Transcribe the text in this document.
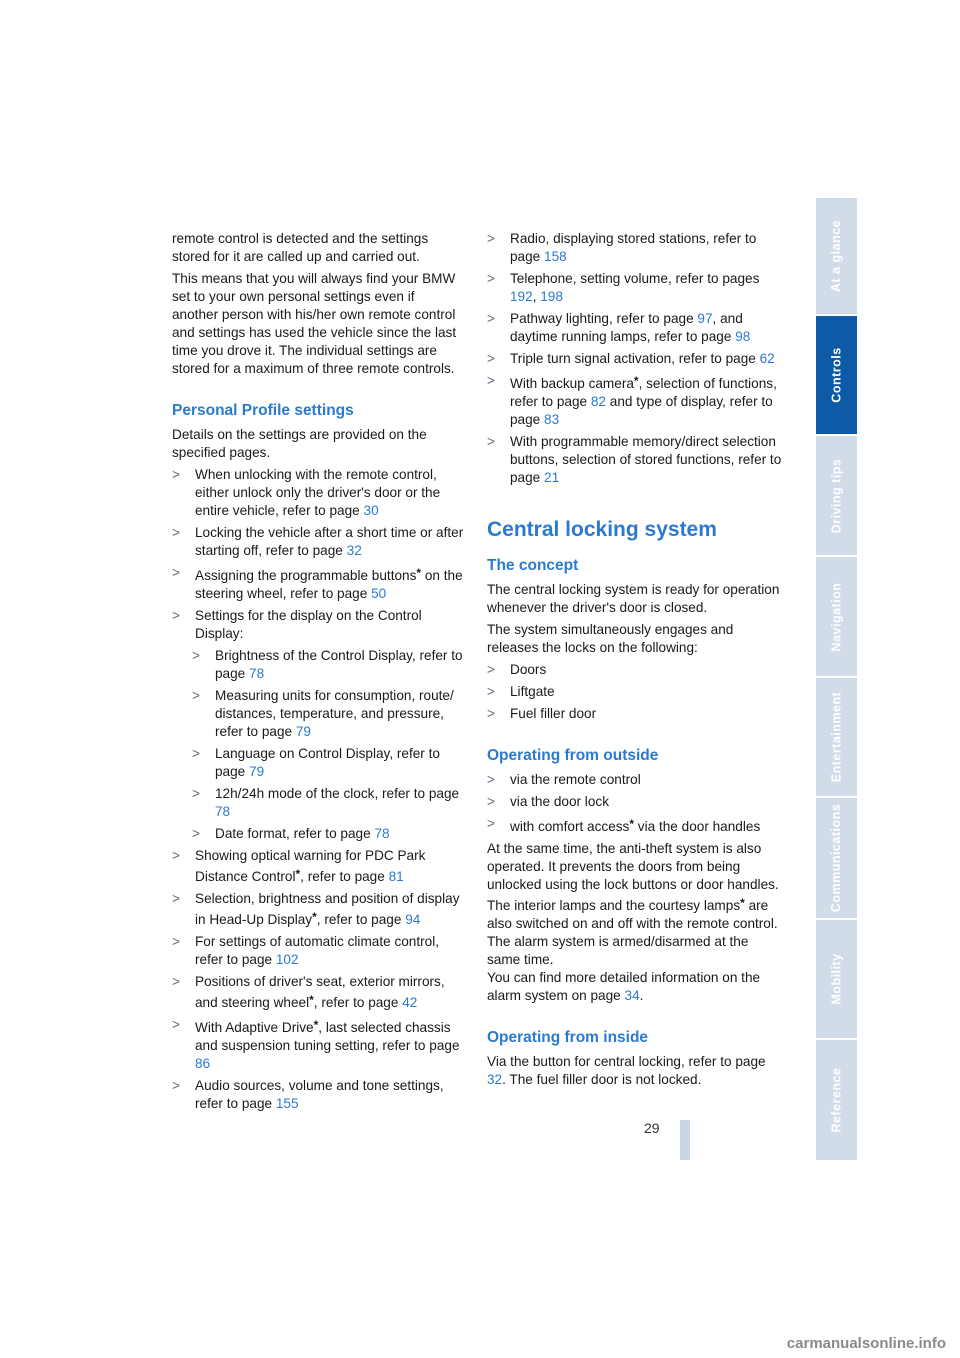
remote control is detected and the settings stored for it are called up and carried out.

This means that you will always find your BMW set to your own personal settings even if another person with his/her own remote control and settings has used the vehicle since the last time you drove it. The individual settings are stored for a maximum of three remote controls.

Personal Profile settings

Details on the settings are provided on the specified pages.

> When unlocking with the remote control, either unlock only the driver's door or the entire vehicle, refer to page 30
> Locking the vehicle after a short time or after starting off, refer to page 32
> Assigning the programmable buttons* on the steering wheel, refer to page 50
> Settings for the display on the Control Display:
> Brightness of the Control Display, refer to page 78
> Measuring units for consumption, route/ distances, temperature, and pressure, refer to page 79
> Language on Control Display, refer to page 79
> 12h/24h mode of the clock, refer to page 78
> Date format, refer to page 78
> Showing optical warning for PDC Park Distance Control*, refer to page 81
> Selection, brightness and position of display in Head-Up Display*, refer to page 94
> For settings of automatic climate control, refer to page 102
> Positions of driver's seat, exterior mirrors, and steering wheel*, refer to page 42
> With Adaptive Drive*, last selected chassis and suspension tuning setting, refer to page 86
> Audio sources, volume and tone settings, refer to page 155
> Radio, displaying stored stations, refer to page 158
> Telephone, setting volume, refer to pages 192, 198
> Pathway lighting, refer to page 97, and daytime running lamps, refer to page 98
> Triple turn signal activation, refer to page 62
> With backup camera*, selection of functions, refer to page 82 and type of display, refer to page 83
> With programmable memory/direct selection buttons, selection of stored functions, refer to page 21
Central locking system
The concept

The central locking system is ready for operation whenever the driver's door is closed.

The system simultaneously engages and releases the locks on the following:

> Doors
> Liftgate
> Fuel filler door
Operating from outside
> via the remote control
> via the door lock
> with comfort access* via the door handles

At the same time, the anti-theft system is also operated. It prevents the doors from being unlocked using the lock buttons or door handles. The interior lamps and the courtesy lamps* are also switched on and off with the remote control. The alarm system is armed/disarmed at the same time.
You can find more detailed information on the alarm system on page 34.

Operating from inside

Via the button for central locking, refer to page 32. The fuel filler door is not locked.

At a glance
Controls
Driving tips
Navigation
Entertainment
Communications
Mobility
Reference
29
carmanualsonline.info
